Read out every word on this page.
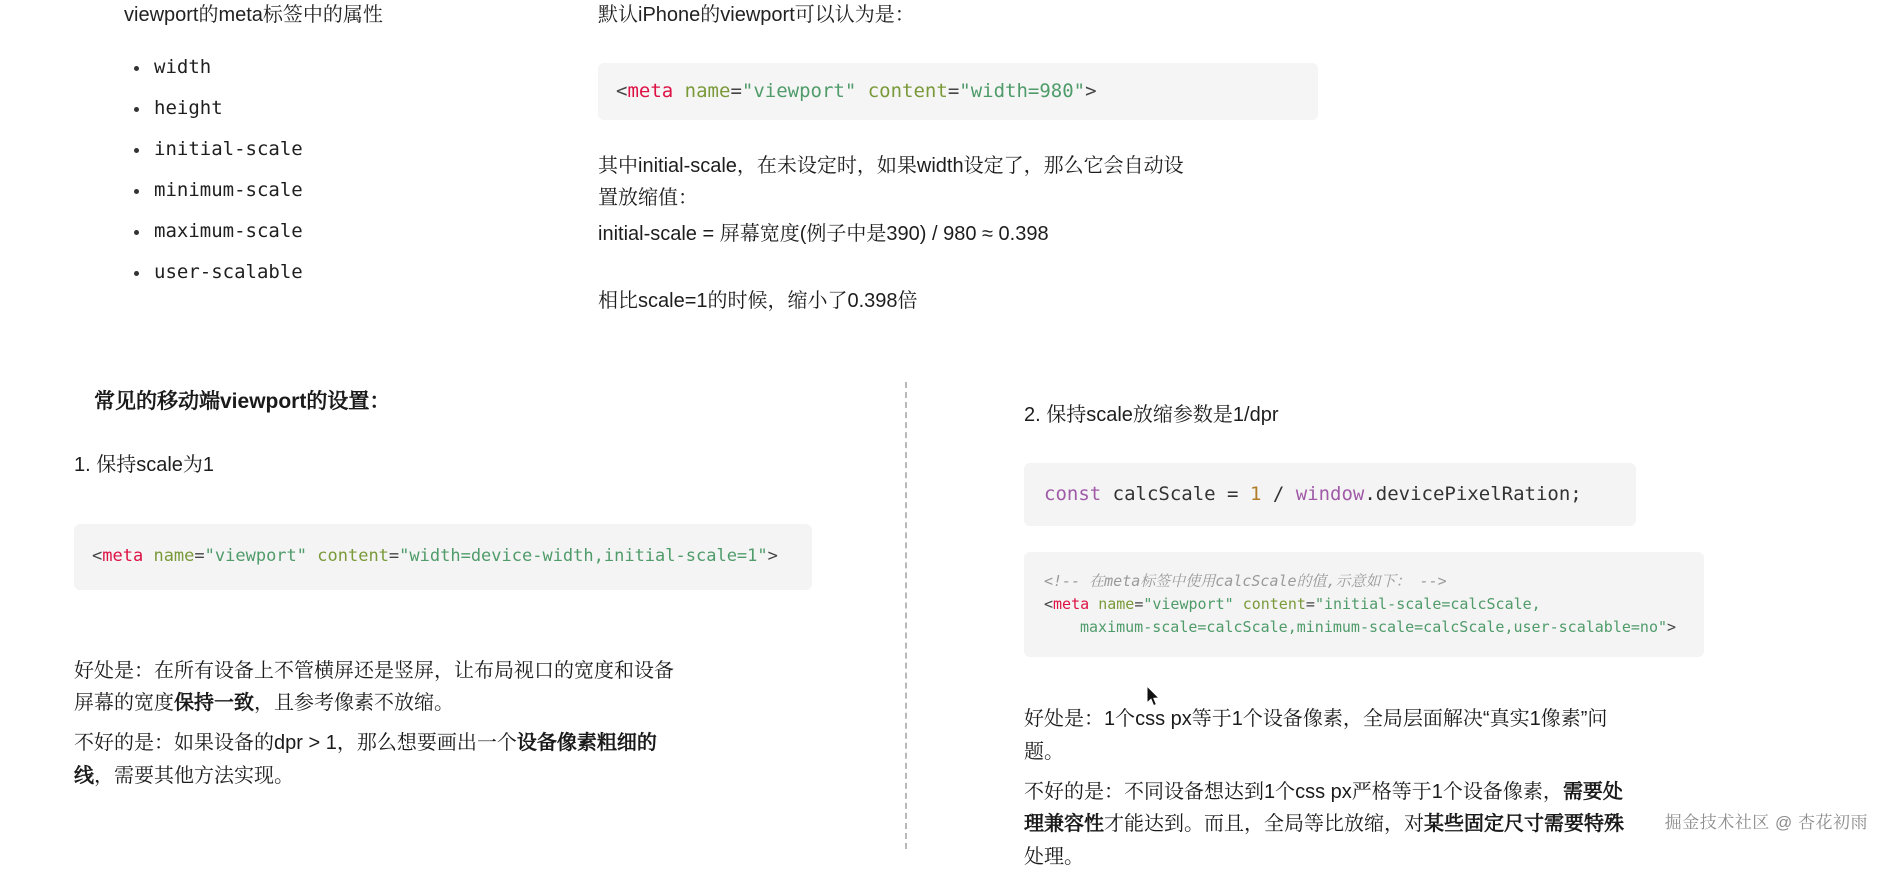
viewport的meta标签中的属性
width
height
initial-scale
minimum-scale
maximum-scale
user-scalable
默认iPhone的viewport可以认为是：
<meta name="viewport" content="width=980">
其中initial-scale，在未设定时，如果width设定了，那么它会自动设
置放缩值：
initial-scale = 屏幕宽度(例子中是390) / 980 ≈ 0.398
相比scale=1的时候，缩小了0.398倍
常见的移动端viewport的设置：
1. 保持scale为1
<meta name="viewport" content="width=device-width,initial-scale=1">
好处是：在所有设备上不管横屏还是竖屏，让布局视口的宽度和设备
屏幕的宽度保持一致，且参考像素不放缩。
不好的是：如果设备的dpr > 1，那么想要画出一个设备像素粗细的
线，需要其他方法实现。
2. 保持scale放缩参数是1/dpr
const calcScale = 1 / window.devicePixelRation;
<!-- 在meta标签中使用calcScale的值,示意如下： -->
<meta name="viewport" content="initial-scale=calcScale,
maximum-scale=calcScale,minimum-scale=calcScale,user-scalable=no">
好处是：1个css px等于1个设备像素，全局层面解决“真实1像素”问
题。
不好的是：不同设备想达到1个css px严格等于1个设备像素，需要处
理兼容性才能达到。而且，全局等比放缩，对某些固定尺寸需要特殊
处理。
掘金技术社区 @ 杏花初雨
